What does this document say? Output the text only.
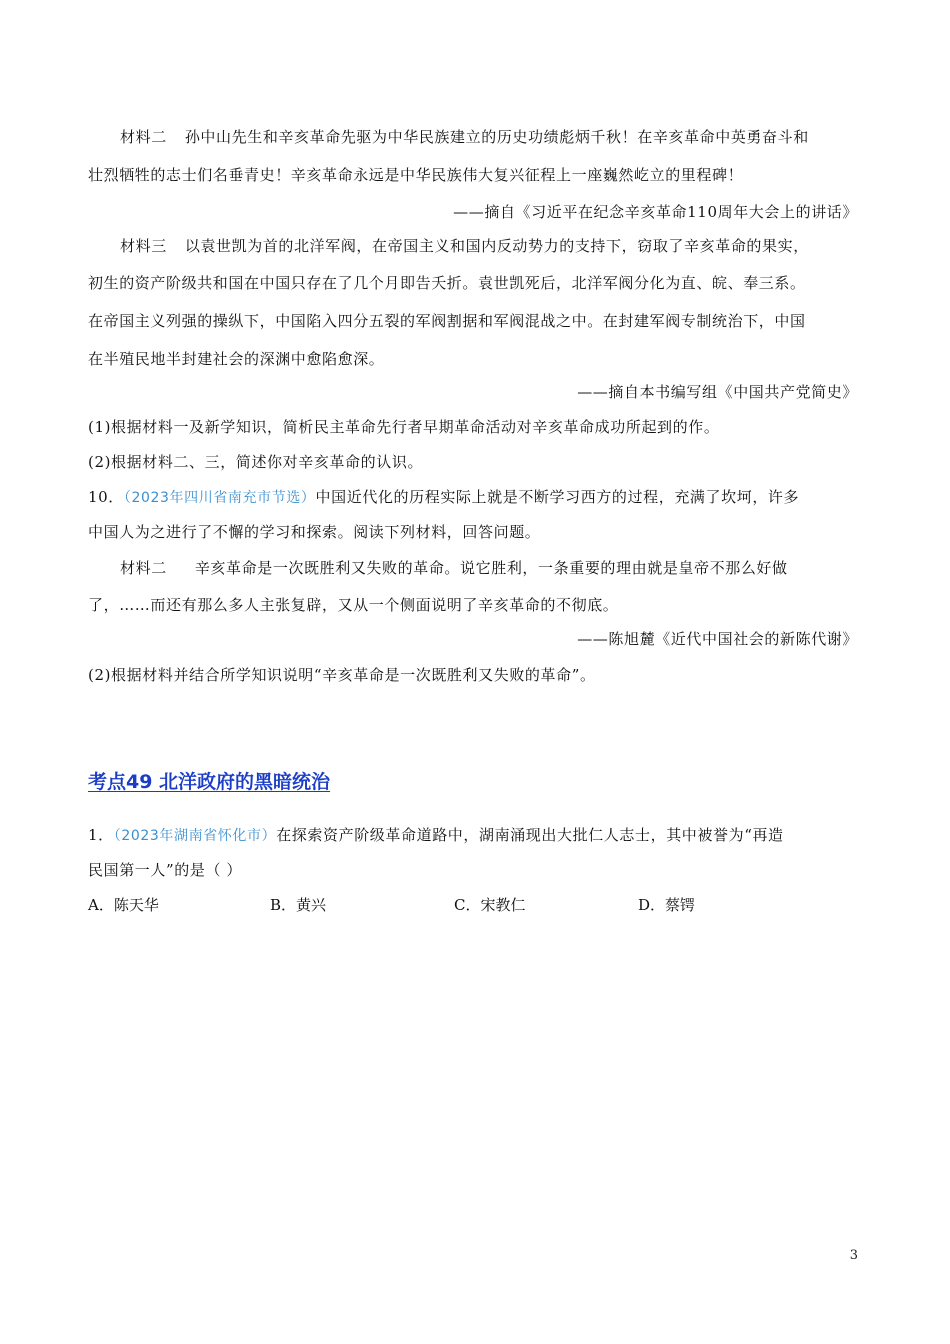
材料二 孙中山先生和辛亥革命先驱为中华民族建立的历史功绩彪炳千秋！在辛亥革命中英勇奋斗和
壮烈牺牲的志士们名垂青史！辛亥革命永远是中华民族伟大复兴征程上一座巍然屹立的里程碑！
——摘自《习近平在纪念辛亥革命110周年大会上的讲话》
材料三 以袁世凯为首的北洋军阀，在帝国主义和国内反动势力的支持下，窃取了辛亥革命的果实，
初生的资产阶级共和国在中国只存在了几个月即告夭折。袁世凯死后，北洋军阀分化为直、皖、奉三系。
在帝国主义列强的操纵下，中国陷入四分五裂的军阀割据和军阀混战之中。在封建军阀专制统治下，中国
在半殖民地半封建社会的深渊中愈陷愈深。
——摘自本书编写组《中国共产党简史》
(1)根据材料一及新学知识，简析民主革命先行者早期革命活动对辛亥革命成功所起到的作。
(2)根据材料二、三，简述你对辛亥革命的认识。
10．（2023年四川省南充市节选）中国近代化的历程实际上就是不断学习西方的过程，充满了坎坷，许多
中国人为之进行了不懈的学习和探索。阅读下列材料，回答问题。
材料二 辛亥革命是一次既胜利又失败的革命。说它胜利，一条重要的理由就是皇帝不那么好做
了，……而还有那么多人主张复辟，又从一个侧面说明了辛亥革命的不彻底。
——陈旭麓《近代中国社会的新陈代谢》
(2)根据材料并结合所学知识说明“辛亥革命是一次既胜利又失败的革命”。
考点49 北洋政府的黑暗统治
1．（2023年湖南省怀化市）在探索资产阶级革命道路中，湖南涌现出大批仁人志士，其中被誉为“再造
民国第一人”的是（ ）
A．陈天华	B．黄兴	C．宋教仁	D．蔡锷
3
